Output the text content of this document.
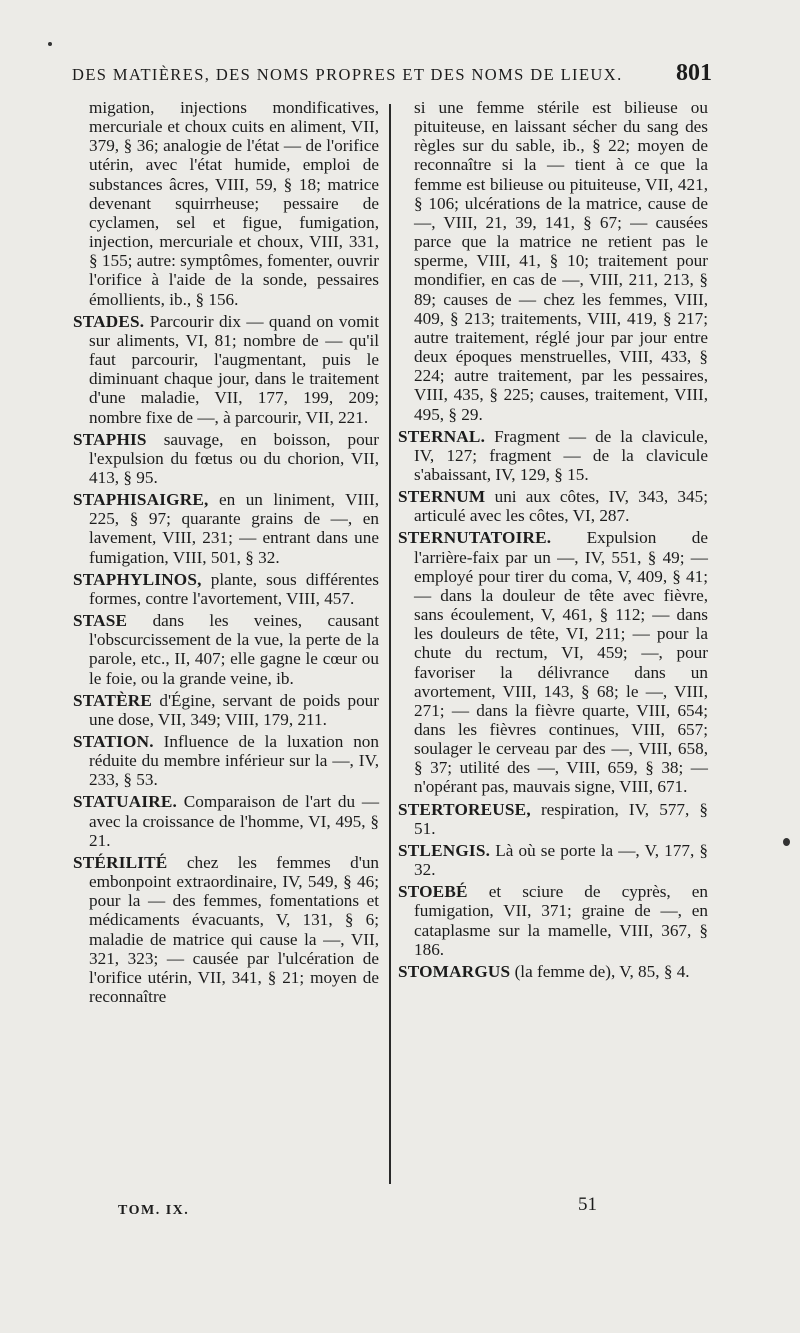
DES MATIÈRES, DES NOMS PROPRES ET DES NOMS DE LIEUX. 801
migation, injections mondificatives, mercuriale et choux cuits en aliment, VII, 379, § 36; analogie de l'état — de l'orifice utérin, avec l'état humide, emploi de substances âcres, VIII, 59, § 18; matrice devenant squirrheuse; pessaire de cyclamen, sel et figue, fumigation, injection, mercuriale et choux, VIII, 331, § 155; autre: symptômes, fomenter, ouvrir l'orifice à l'aide de la sonde, pessaires émollients, ib., § 156.
STADES. Parcourir dix — quand on vomit sur aliments, VI, 81; nombre de — qu'il faut parcourir, l'augmentant, puis le diminuant chaque jour, dans le traitement d'une maladie, VII, 177, 199, 209; nombre fixe de —, à parcourir, VII, 221.
STAPHIS sauvage, en boisson, pour l'expulsion du fœtus ou du chorion, VII, 413, § 95.
STAPHISAIGRE, en un liniment, VIII, 225, § 97; quarante grains de —, en lavement, VIII, 231; — entrant dans une fumigation, VIII, 501, § 32.
STAPHYLINOS, plante, sous différentes formes, contre l'avortement, VIII, 457.
STASE dans les veines, causant l'obscurcissement de la vue, la perte de la parole, etc., II, 407; elle gagne le cœur ou le foie, ou la grande veine, ib.
STATÈRE d'Égine, servant de poids pour une dose, VII, 349; VIII, 179, 211.
STATION. Influence de la luxation non réduite du membre inférieur sur la —, IV, 233, § 53.
STATUAIRE. Comparaison de l'art du — avec la croissance de l'homme, VI, 495, § 21.
STÉRILITÉ chez les femmes d'un embonpoint extraordinaire, IV, 549, § 46; pour la — des femmes, fomentations et médicaments évacuants, V, 131, § 6; maladie de matrice qui cause la —, VII, 321, 323; — causée par l'ulcération de l'orifice utérin, VII, 341, § 21; moyen de reconnaître
si une femme stérile est bilieuse ou pituiteuse, en laissant sécher du sang des règles sur du sable, ib., § 22; moyen de reconnaître si la — tient à ce que la femme est bilieuse ou pituiteuse, VII, 421, § 106; ulcérations de la matrice, cause de —, VIII, 21, 39, 141, § 67; — causées parce que la matrice ne retient pas le sperme, VIII, 41, § 10; traitement pour mondifier, en cas de —, VIII, 211, 213, § 89; causes de — chez les femmes, VIII, 409, § 213; traitements, VIII, 419, § 217; autre traitement, réglé jour par jour entre deux époques menstruelles, VIII, 433, § 224; autre traitement, par les pessaires, VIII, 435, § 225; causes, traitement, VIII, 495, § 29.
STERNAL. Fragment — de la clavicule, IV, 127; fragment — de la clavicule s'abaissant, IV, 129, § 15.
STERNUM uni aux côtes, IV, 343, 345; articulé avec les côtes, VI, 287.
STERNUTATOIRE. Expulsion de l'arrière-faix par un —, IV, 551, § 49; — employé pour tirer du coma, V, 409, § 41; — dans la douleur de tête avec fièvre, sans écoulement, V, 461, § 112; — dans les douleurs de tête, VI, 211; — pour la chute du rectum, VI, 459; —, pour favoriser la délivrance dans un avortement, VIII, 143, § 68; le —, VIII, 271; — dans la fièvre quarte, VIII, 654; dans les fièvres continues, VIII, 657; soulager le cerveau par des —, VIII, 658, § 37; utilité des —, VIII, 659, § 38; — n'opérant pas, mauvais signe, VIII, 671.
STERTOREUSE, respiration, IV, 577, § 51.
STLENGIS. Là où se porte la —, V, 177, § 32.
STOEBÉ et sciure de cyprès, en fumigation, VII, 371; graine de —, en cataplasme sur la mamelle, VIII, 367, § 186.
STOMARGUS (la femme de), V, 85, § 4.
TOM. IX.	51
